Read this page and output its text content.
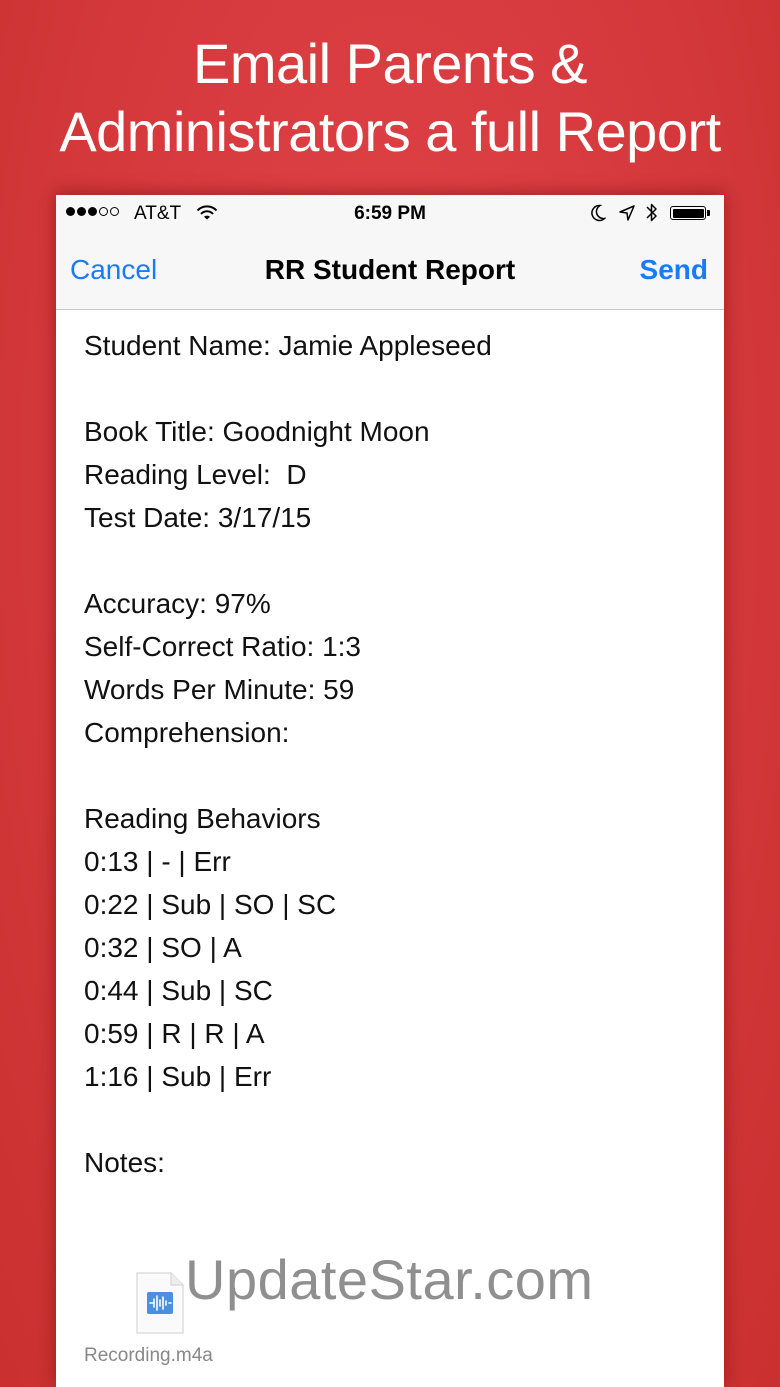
Email Parents &
Administrators a full Report
AT&T	6:59 PM
Cancel	RR Student Report	Send
Student Name: Jamie Appleseed
Book Title: Goodnight Moon
Reading Level:  D
Test Date: 3/17/15
Accuracy: 97%
Self-Correct Ratio: 1:3
Words Per Minute: 59
Comprehension:
Reading Behaviors
0:13 | - | Err
0:22 | Sub | SO | SC
0:32 | SO | A
0:44 | Sub | SC
0:59 | R | R | A
1:16 | Sub | Err
Notes:
Recording.m4a
UpdateStar.com
